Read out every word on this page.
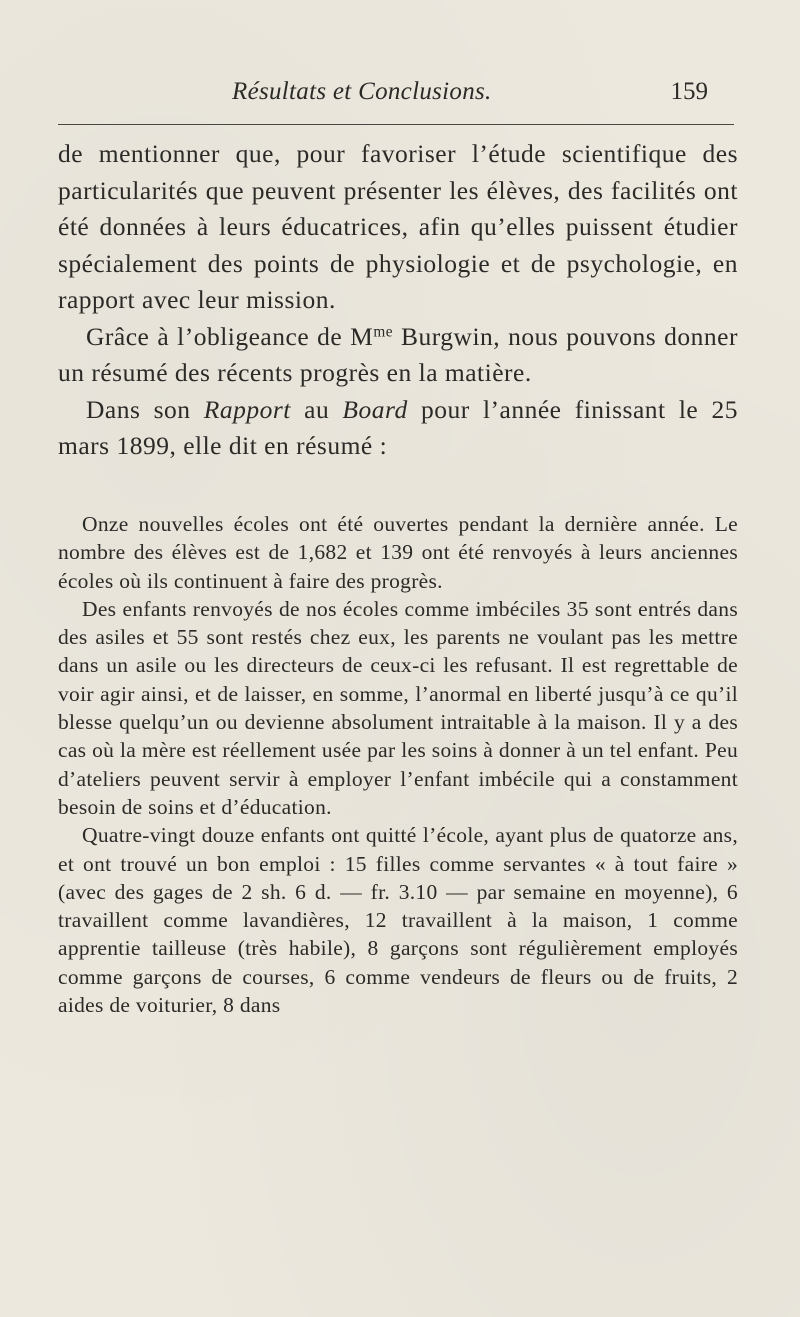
Résultats et Conclusions.	159

de mentionner que, pour favoriser l’étude scientifique des particularités que peuvent présenter les élèves, des facilités ont été données à leurs éducatrices, afin qu’elles puissent étudier spécialement des points de physiologie et de psychologie, en rapport avec leur mission.

Grâce à l’obligeance de $M^{me}$ Burgwin, nous pouvons donner un résumé des récents progrès en la matière.

Dans son Rapport au Board pour l’année finissant le 25 mars 1899, elle dit en résumé :

Onze nouvelles écoles ont été ouvertes pendant la dernière année. Le nombre des élèves est de 1,682 et 139 ont été renvoyés à leurs anciennes écoles où ils continuent à faire des progrès.

Des enfants renvoyés de nos écoles comme imbéciles 35 sont entrés dans des asiles et 55 sont restés chez eux, les parents ne voulant pas les mettre dans un asile ou les directeurs de ceux-ci les refusant. Il est regrettable de voir agir ainsi, et de laisser, en somme, l’anormal en liberté jusqu’à ce qu’il blesse quelqu’un ou devienne absolument intraitable à la maison. Il y a des cas où la mère est réellement usée par les soins à donner à un tel enfant. Peu d’ateliers peuvent servir à employer l’enfant imbécile qui a constamment besoin de soins et d’éducation.

Quatre-vingt douze enfants ont quitté l’école, ayant plus de quatorze ans, et ont trouvé un bon emploi : 15 filles comme servantes « à tout faire » (avec des gages de 2 sh. 6 d. — fr. 3.10 — par semaine en moyenne), 6 travaillent comme lavandières, 12 travaillent à la maison, 1 comme apprentie tailleuse (très habile), 8 garçons sont régulièrement employés comme garçons de courses, 6 comme vendeurs de fleurs ou de fruits, 2 aides de voiturier, 8 dans
